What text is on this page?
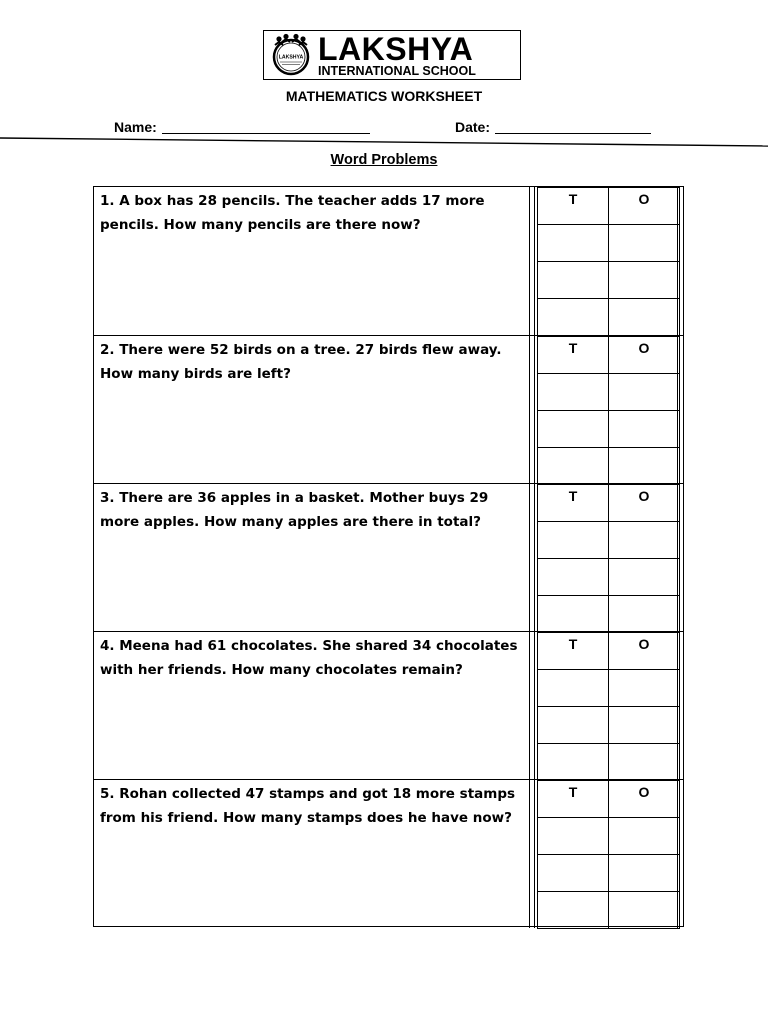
LAKSHYA LAKSHYA
INTERNATIONAL SCHOOL
MATHEMATICS WORKSHEET
Name:	Date:
Word Problems
1. A box has 28 pencils. The teacher adds 17 more pencils. How many pencils are there now?
T	O

2. There were 52 birds on a tree. 27 birds flew away. How many birds are left?
T	O

3. There are 36 apples in a basket. Mother buys 29 more apples. How many apples are there in total?
T	O

4. Meena had 61 chocolates. She shared 34 chocolates with her friends. How many chocolates remain?
T	O

5. Rohan collected 47 stamps and got 18 more stamps from his friend. How many stamps does he have now?
T	O
